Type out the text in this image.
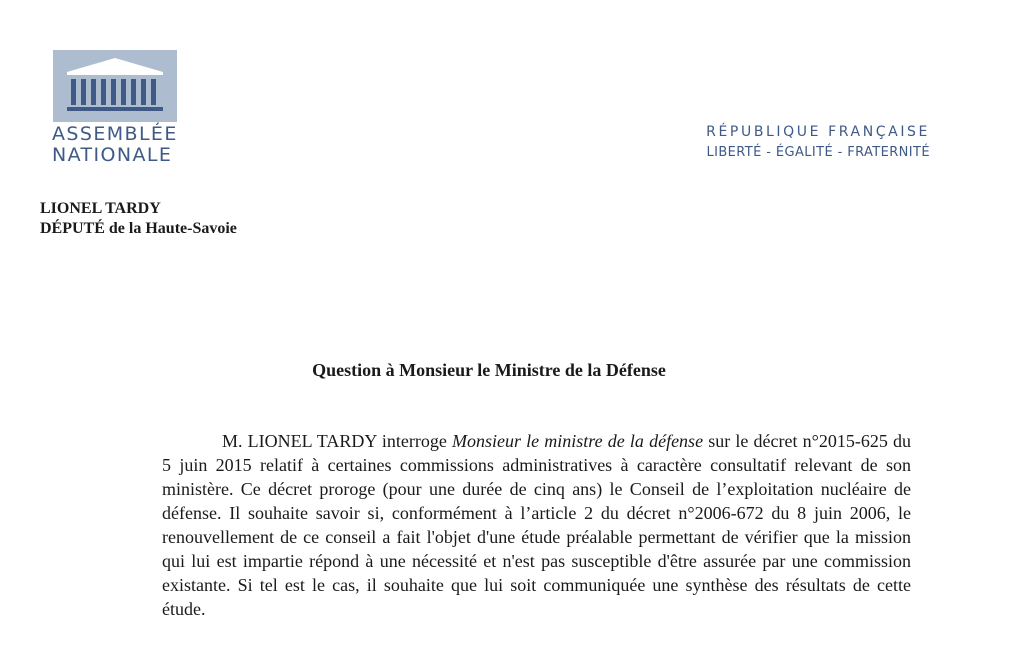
ASSEMBLÉE
NATIONALE
RÉPUBLIQUE FRANÇAISE
LIBERTÉ - ÉGALITÉ - FRATERNITÉ
LIONEL TARDY
DÉPUTÉ de la Haute-Savoie
Question à Monsieur le Ministre de la Défense
M. LIONEL TARDY interroge Monsieur le ministre de la défense sur le décret n°2015-625 du 5 juin 2015 relatif à certaines commissions administratives à caractère consultatif relevant de son ministère. Ce décret proroge (pour une durée de cinq ans) le Conseil de l’exploitation nucléaire de défense. Il souhaite savoir si, conformément à l’article 2 du décret n°2006-672 du 8 juin 2006, le renouvellement de ce conseil a fait l'objet d'une étude préalable permettant de vérifier que la mission qui lui est impartie répond à une nécessité et n'est pas susceptible d'être assurée par une commission existante. Si tel est le cas, il souhaite que lui soit communiquée une synthèse des résultats de cette étude.
